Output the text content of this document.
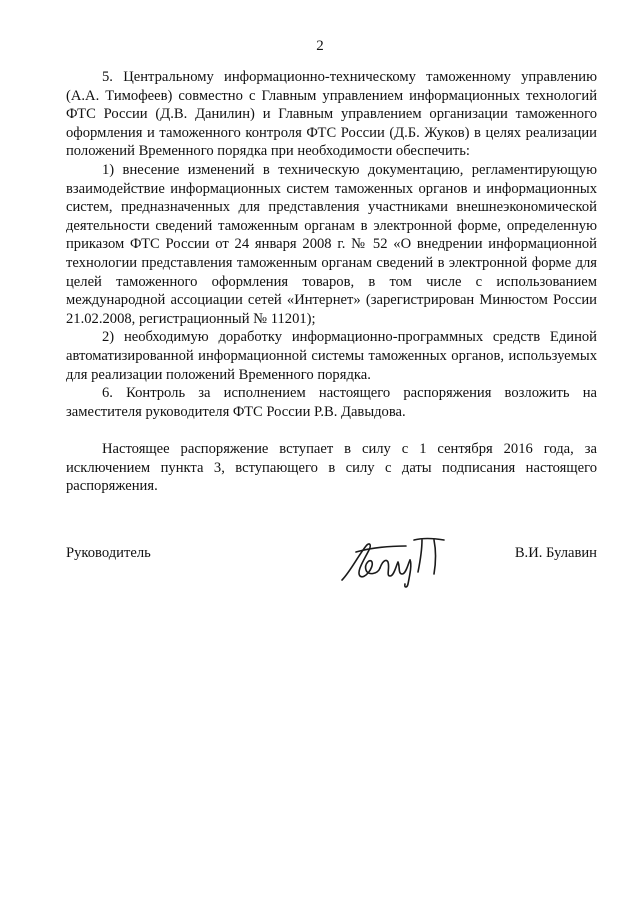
2

5. Центральному информационно-техническому таможенному управлению (А.А. Тимофеев) совместно с Главным управлением информационных технологий ФТС России (Д.В. Данилин) и Главным управлением организации таможенного оформления и таможенного контроля ФТС России (Д.Б. Жуков) в целях реализации положений Временного порядка при необходимости обеспечить:

1) внесение изменений в техническую документацию, регламентирующую взаимодействие информационных систем таможенных органов и информационных систем, предназначенных для представления участниками внешнеэкономической деятельности сведений таможенным органам в электронной форме, определенную приказом ФТС России от 24 января 2008 г. № 52 «О внедрении информационной технологии представления таможенным органам сведений в электронной форме для целей таможенного оформления товаров, в том числе с использованием международной ассоциации сетей «Интернет» (зарегистрирован Минюстом России 21.02.2008, регистрационный № 11201);

2) необходимую доработку информационно-программных средств Единой автоматизированной информационной системы таможенных органов, используемых для реализации положений Временного порядка.

6. Контроль за исполнением настоящего распоряжения возложить на заместителя руководителя ФТС России Р.В. Давыдова.

Настоящее распоряжение вступает в силу с 1 сентября 2016 года, за исключением пункта 3, вступающего в силу с даты подписания настоящего распоряжения.

Руководитель	В.И. Булавин
